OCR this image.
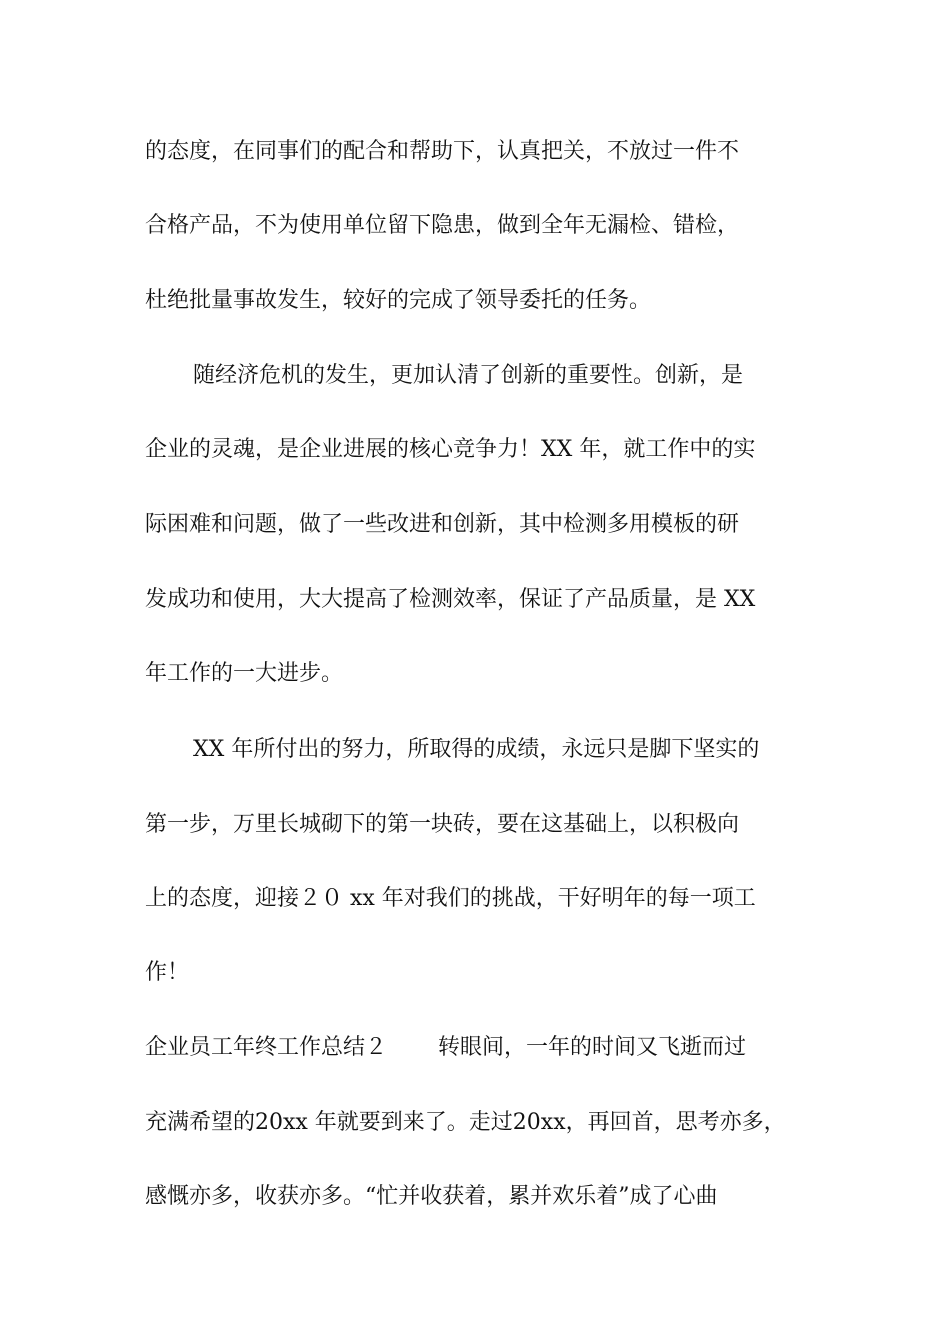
的态度，在同事们的配合和帮助下，认真把关，不放过一件不
合格产品，不为使用单位留下隐患，做到全年无漏检、错检，
杜绝批量事故发生，较好的完成了领导委托的任务。
随经济危机的发生，更加认清了创新的重要性。创新，是
企业的灵魂，是企业进展的核心竞争力！XX 年，就工作中的实
际困难和问题，做了一些改进和创新，其中检测多用模板的研
发成功和使用，大大提高了检测效率，保证了产品质量，是 XX
年工作的一大进步。
XX 年所付出的努力，所取得的成绩，永远只是脚下坚实的
第一步，万里长城砌下的第一块砖，要在这基础上，以积极向
上的态度，迎接２０ xx 年对我们的挑战，干好明年的每一项工
作！
企业员工年终工作总结２　　 转眼间，一年的时间又飞逝而过
充满希望的20xx 年就要到来了。走过20xx，再回首，思考亦多，
感慨亦多，收获亦多。“忙并收获着，累并欢乐着”成了心曲
